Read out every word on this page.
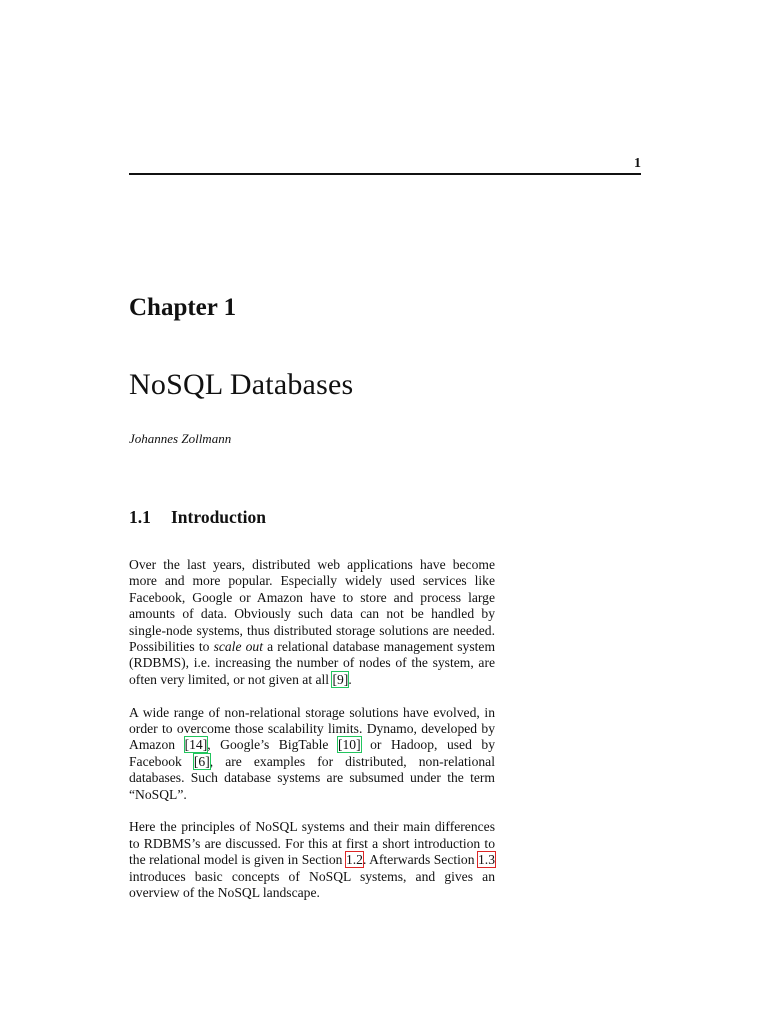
1
Chapter 1
NoSQL Databases
Johannes Zollmann
1.1 Introduction

Over the last years, distributed web applications have become more and more popular. Especially widely used services like Facebook, Google or Amazon have to store and process large amounts of data. Obviously such data can not be handled by single-node systems, thus distributed storage solutions are needed. Possibilities to scale out a relational database management system (RDBMS), i.e. increasing the number of nodes of the system, are often very limited, or not given at all [9].

A wide range of non-relational storage solutions have evolved, in order to overcome those scalability limits. Dynamo, developed by Amazon [14], Google’s BigTable [10] or Hadoop, used by Facebook [6], are examples for distributed, non-relational databases. Such database systems are subsumed under the term “NoSQL”.

Here the principles of NoSQL systems and their main differences to RDBMS’s are discussed. For this at first a short introduction to the relational model is given in Section 1.2. Afterwards Section 1.3 introduces basic concepts of NoSQL systems, and gives an overview of the NoSQL landscape.
